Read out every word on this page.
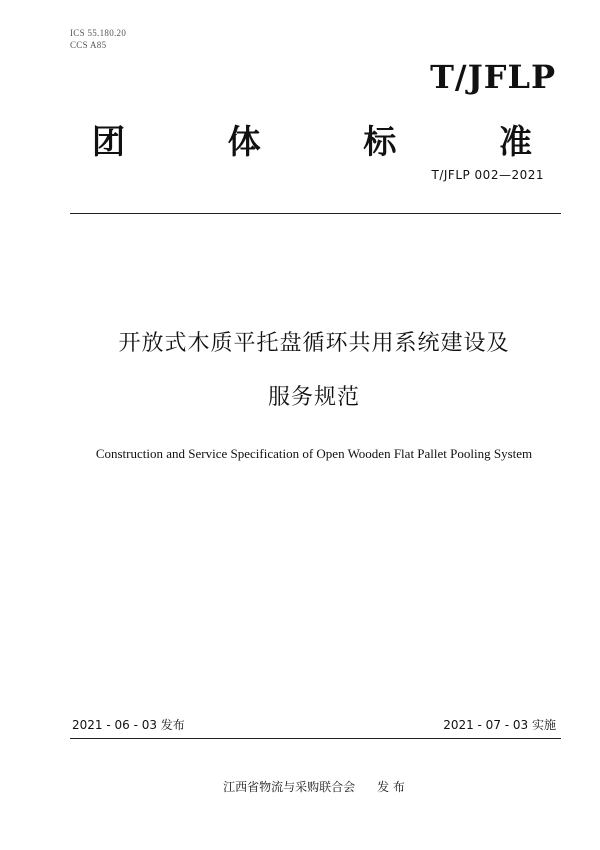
ICS 55.180.20
CCS A85
T/JFLP
团	体	标	准
T/JFLP 002—2021
开放式木质平托盘循环共用系统建设及
服务规范
Construction and Service Specification of Open Wooden Flat Pallet Pooling System
2021 - 06 - 03 发布	2021 - 07 - 03 实施
江西省物流与采购联合会 发 布
